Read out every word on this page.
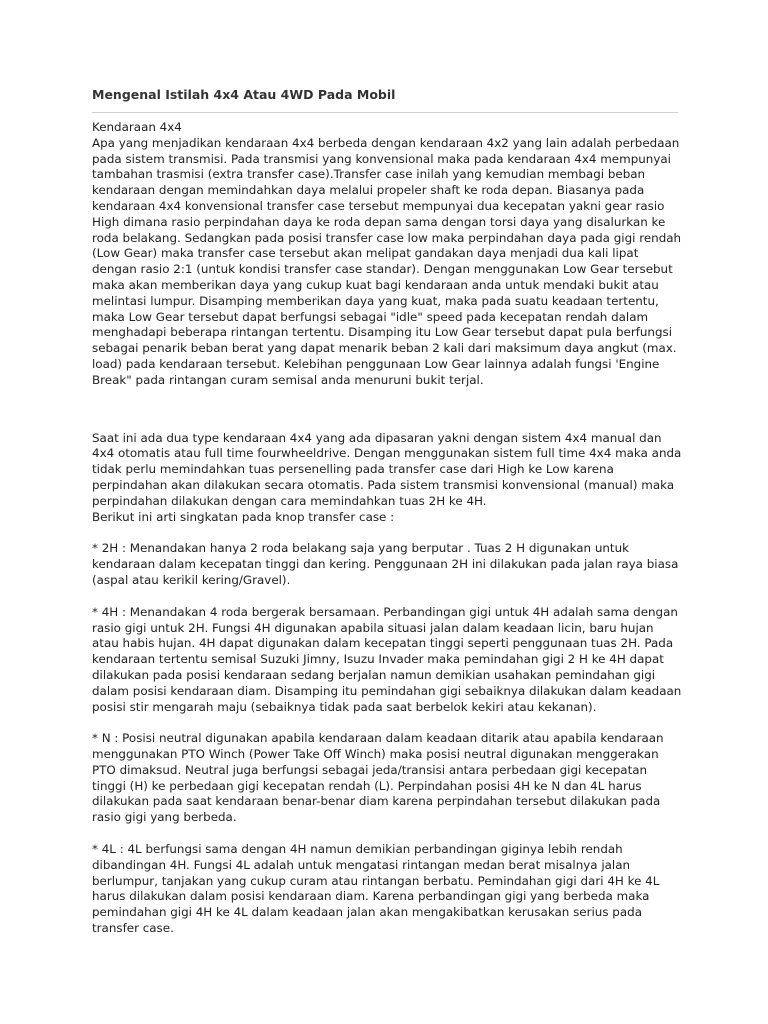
Mengenal Istilah 4x4 Atau 4WD Pada Mobil

Kendaraan 4x4

Apa yang menjadikan kendaraan 4x4 berbeda dengan kendaraan 4x2 yang lain adalah perbedaan pada sistem transmisi. Pada transmisi yang konvensional maka pada kendaraan 4x4 mempunyai tambahan trasmisi (extra transfer case).Transfer case inilah yang kemudian membagi beban kendaraan dengan memindahkan daya melalui propeler shaft ke roda depan. Biasanya pada kendaraan 4x4 konvensional transfer case tersebut mempunyai dua kecepatan yakni gear rasio High dimana rasio perpindahan daya ke roda depan sama dengan torsi daya yang disalurkan ke roda belakang. Sedangkan pada posisi transfer case low maka perpindahan daya pada gigi rendah (Low Gear) maka transfer case tersebut akan melipat gandakan daya menjadi dua kali lipat dengan rasio 2:1 (untuk kondisi transfer case standar). Dengan menggunakan Low Gear tersebut maka akan memberikan daya yang cukup kuat bagi kendaraan anda untuk mendaki bukit atau melintasi lumpur. Disamping memberikan daya yang kuat, maka pada suatu keadaan tertentu, maka Low Gear tersebut dapat berfungsi sebagai "idle" speed pada kecepatan rendah dalam menghadapi beberapa rintangan tertentu. Disamping itu Low Gear tersebut dapat pula berfungsi sebagai penarik beban berat yang dapat menarik beban 2 kali dari maksimum daya angkut (max. load) pada kendaraan tersebut. Kelebihan penggunaan Low Gear lainnya adalah fungsi 'Engine Break" pada rintangan curam semisal anda menuruni bukit terjal.

Saat ini ada dua type kendaraan 4x4 yang ada dipasaran yakni dengan sistem 4x4 manual dan 4x4 otomatis atau full time fourwheeldrive. Dengan menggunakan sistem full time 4x4 maka anda tidak perlu memindahkan tuas persenelling pada transfer case dari High ke Low karena perpindahan akan dilakukan secara otomatis. Pada sistem transmisi konvensional (manual) maka perpindahan dilakukan dengan cara memindahkan tuas 2H ke 4H.

Berikut ini arti singkatan pada knop transfer case :

* 2H : Menandakan hanya 2 roda belakang saja yang berputar . Tuas 2 H digunakan untuk kendaraan dalam kecepatan tinggi dan kering. Penggunaan 2H ini dilakukan pada jalan raya biasa (aspal atau kerikil kering/Gravel).

* 4H : Menandakan 4 roda bergerak bersamaan. Perbandingan gigi untuk 4H adalah sama dengan rasio gigi untuk 2H. Fungsi 4H digunakan apabila situasi jalan dalam keadaan licin, baru hujan atau habis hujan. 4H dapat digunakan dalam kecepatan tinggi seperti penggunaan tuas 2H. Pada kendaraan tertentu semisal Suzuki Jimny, Isuzu Invader maka pemindahan gigi 2 H ke 4H dapat dilakukan pada posisi kendaraan sedang berjalan namun demikian usahakan pemindahan gigi dalam posisi kendaraan diam. Disamping itu pemindahan gigi sebaiknya dilakukan dalam keadaan posisi stir mengarah maju (sebaiknya tidak pada saat berbelok kekiri atau kekanan).

* N : Posisi neutral digunakan apabila kendaraan dalam keadaan ditarik atau apabila kendaraan menggunakan PTO Winch (Power Take Off Winch) maka posisi neutral digunakan menggerakan PTO dimaksud. Neutral juga berfungsi sebagai jeda/transisi antara perbedaan gigi kecepatan tinggi (H) ke perbedaan gigi kecepatan rendah (L). Perpindahan posisi 4H ke N dan 4L harus dilakukan pada saat kendaraan benar-benar diam karena perpindahan tersebut dilakukan pada rasio gigi yang berbeda.

* 4L : 4L berfungsi sama dengan 4H namun demikian perbandingan giginya lebih rendah dibandingan 4H. Fungsi 4L adalah untuk mengatasi rintangan medan berat misalnya jalan berlumpur, tanjakan yang cukup curam atau rintangan berbatu. Pemindahan gigi dari 4H ke 4L harus dilakukan dalam posisi kendaraan diam. Karena perbandingan gigi yang berbeda maka pemindahan gigi 4H ke 4L dalam keadaan jalan akan mengakibatkan kerusakan serius pada transfer case.
